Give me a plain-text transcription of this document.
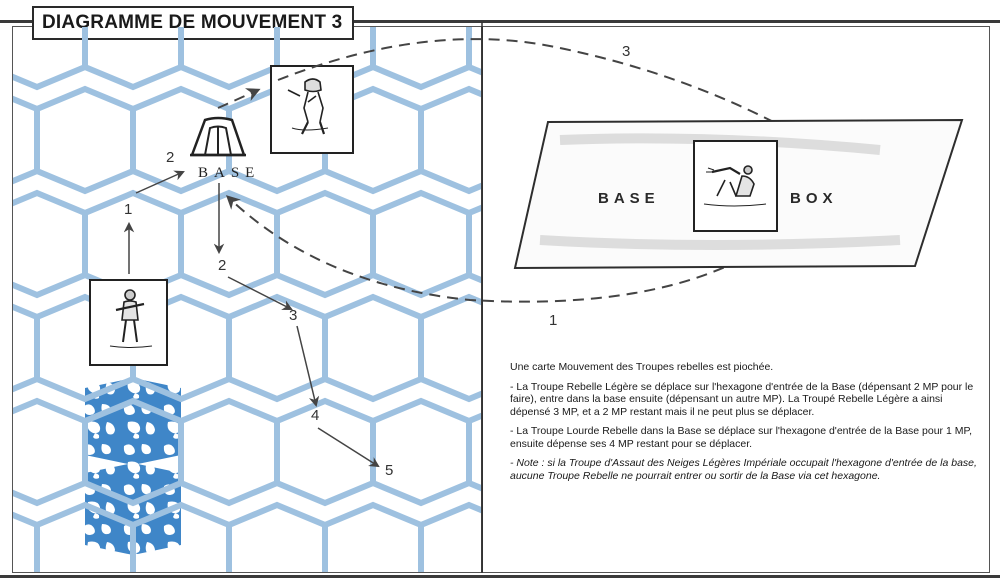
DIAGRAMME DE MOUVEMENT 3
BASE
1
2
2
3
4
5
3
1
BASE	BOX

Une carte Mouvement des Troupes rebelles est piochée.

- La Troupe Rebelle Légère se déplace sur l'hexagone d'entrée de la Base (dépensant 2 MP pour le faire), entre dans la base ensuite (dépensant un autre MP). La Troupé Rebelle Légère a ainsi dépensé 3 MP, et a 2 MP restant mais il ne peut plus se déplacer.

- La Troupe Lourde Rebelle dans la Base se déplace sur l'hexagone d'entrée de la Base pour 1 MP, ensuite dépense ses 4 MP restant pour se déplacer.

- Note : si la Troupe d'Assaut des Neiges Légères Impériale occupait l'hexagone d'entrée de la base, aucune Troupe Rebelle ne pourrait entrer ou sortir de la Base via cet hexagone.
